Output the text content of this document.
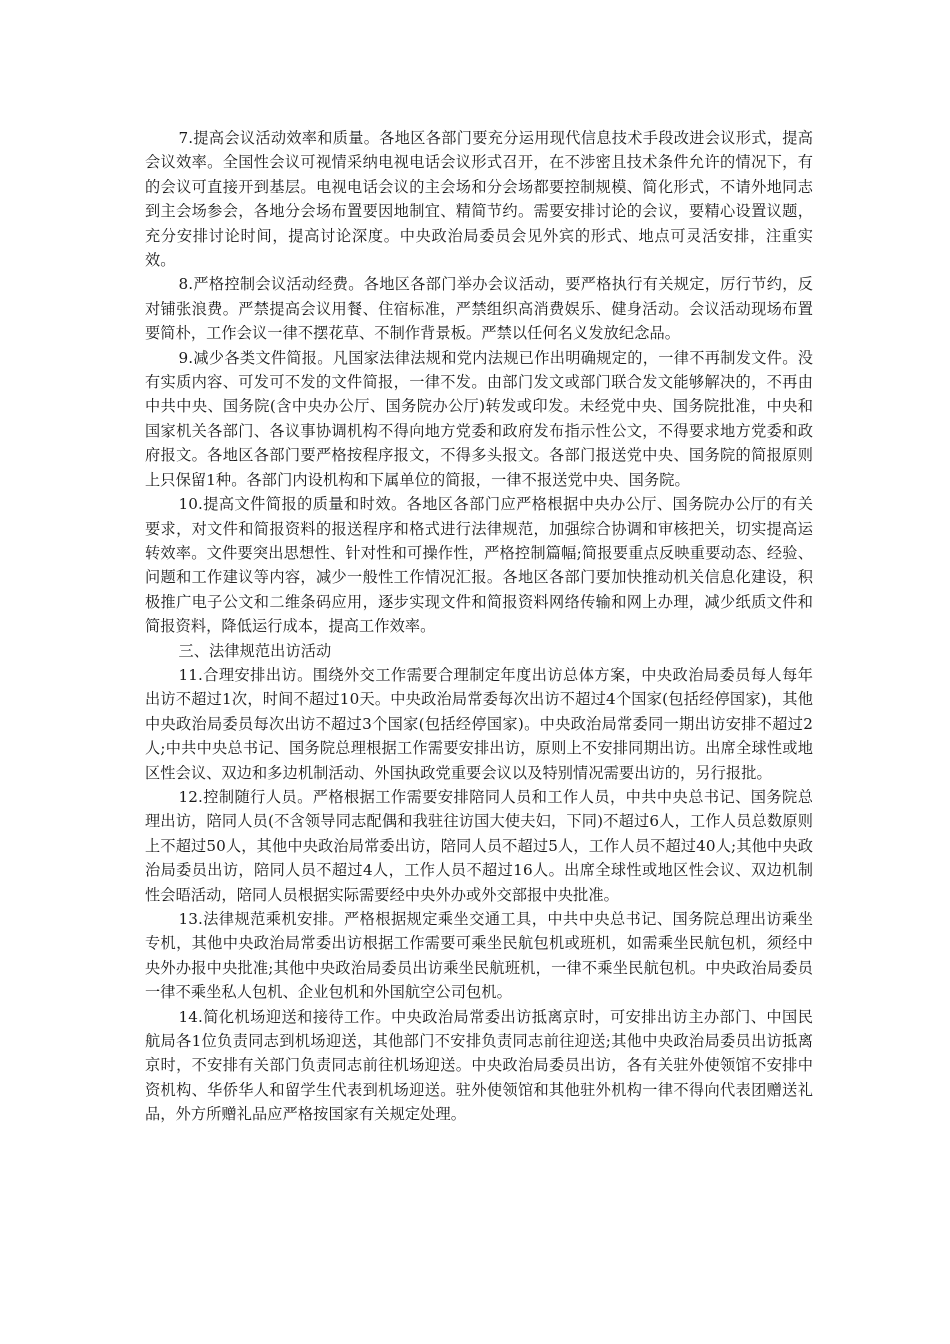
7.提高会议活动效率和质量。各地区各部门要充分运用现代信息技术手段改进会议形式，提高会议效率。全国性会议可视情采纳电视电话会议形式召开，在不涉密且技术条件允许的情况下，有的会议可直接开到基层。电视电话会议的主会场和分会场都要控制规模、简化形式，不请外地同志到主会场参会，各地分会场布置要因地制宜、精简节约。需要安排讨论的会议，要精心设置议题，充分安排讨论时间，提高讨论深度。中央政治局委员会见外宾的形式、地点可灵活安排，注重实效。

8.严格控制会议活动经费。各地区各部门举办会议活动，要严格执行有关规定，厉行节约，反对铺张浪费。严禁提高会议用餐、住宿标准，严禁组织高消费娱乐、健身活动。会议活动现场布置要简朴，工作会议一律不摆花草、不制作背景板。严禁以任何名义发放纪念品。

9.减少各类文件简报。凡国家法律法规和党内法规已作出明确规定的，一律不再制发文件。没有实质内容、可发可不发的文件简报，一律不发。由部门发文或部门联合发文能够解决的，不再由中共中央、国务院(含中央办公厅、国务院办公厅)转发或印发。未经党中央、国务院批准，中央和国家机关各部门、各议事协调机构不得向地方党委和政府发布指示性公文，不得要求地方党委和政府报文。各地区各部门要严格按程序报文，不得多头报文。各部门报送党中央、国务院的简报原则上只保留1种。各部门内设机构和下属单位的简报，一律不报送党中央、国务院。

10.提高文件简报的质量和时效。各地区各部门应严格根据中央办公厅、国务院办公厅的有关要求，对文件和简报资料的报送程序和格式进行法律规范，加强综合协调和审核把关，切实提高运转效率。文件要突出思想性、针对性和可操作性，严格控制篇幅;简报要重点反映重要动态、经验、问题和工作建议等内容，减少一般性工作情况汇报。各地区各部门要加快推动机关信息化建设，积极推广电子公文和二维条码应用，逐步实现文件和简报资料网络传输和网上办理，减少纸质文件和简报资料，降低运行成本，提高工作效率。

三、法律规范出访活动

11.合理安排出访。围绕外交工作需要合理制定年度出访总体方案，中央政治局委员每人每年出访不超过1次，时间不超过10天。中央政治局常委每次出访不超过4个国家(包括经停国家)，其他中央政治局委员每次出访不超过3个国家(包括经停国家)。中央政治局常委同一期出访安排不超过2人;中共中央总书记、国务院总理根据工作需要安排出访，原则上不安排同期出访。出席全球性或地区性会议、双边和多边机制活动、外国执政党重要会议以及特别情况需要出访的，另行报批。

12.控制随行人员。严格根据工作需要安排陪同人员和工作人员，中共中央总书记、国务院总理出访，陪同人员(不含领导同志配偶和我驻往访国大使夫妇，下同)不超过6人，工作人员总数原则上不超过50人，其他中央政治局常委出访，陪同人员不超过5人，工作人员不超过40人;其他中央政治局委员出访，陪同人员不超过4人，工作人员不超过16人。出席全球性或地区性会议、双边机制性会晤活动，陪同人员根据实际需要经中央外办或外交部报中央批准。

13.法律规范乘机安排。严格根据规定乘坐交通工具，中共中央总书记、国务院总理出访乘坐专机，其他中央政治局常委出访根据工作需要可乘坐民航包机或班机，如需乘坐民航包机，须经中央外办报中央批准;其他中央政治局委员出访乘坐民航班机，一律不乘坐民航包机。中央政治局委员一律不乘坐私人包机、企业包机和外国航空公司包机。

14.简化机场迎送和接待工作。中央政治局常委出访抵离京时，可安排出访主办部门、中国民航局各1位负责同志到机场迎送，其他部门不安排负责同志前往迎送;其他中央政治局委员出访抵离京时，不安排有关部门负责同志前往机场迎送。中央政治局委员出访，各有关驻外使领馆不安排中资机构、华侨华人和留学生代表到机场迎送。驻外使领馆和其他驻外机构一律不得向代表团赠送礼品，外方所赠礼品应严格按国家有关规定处理。
